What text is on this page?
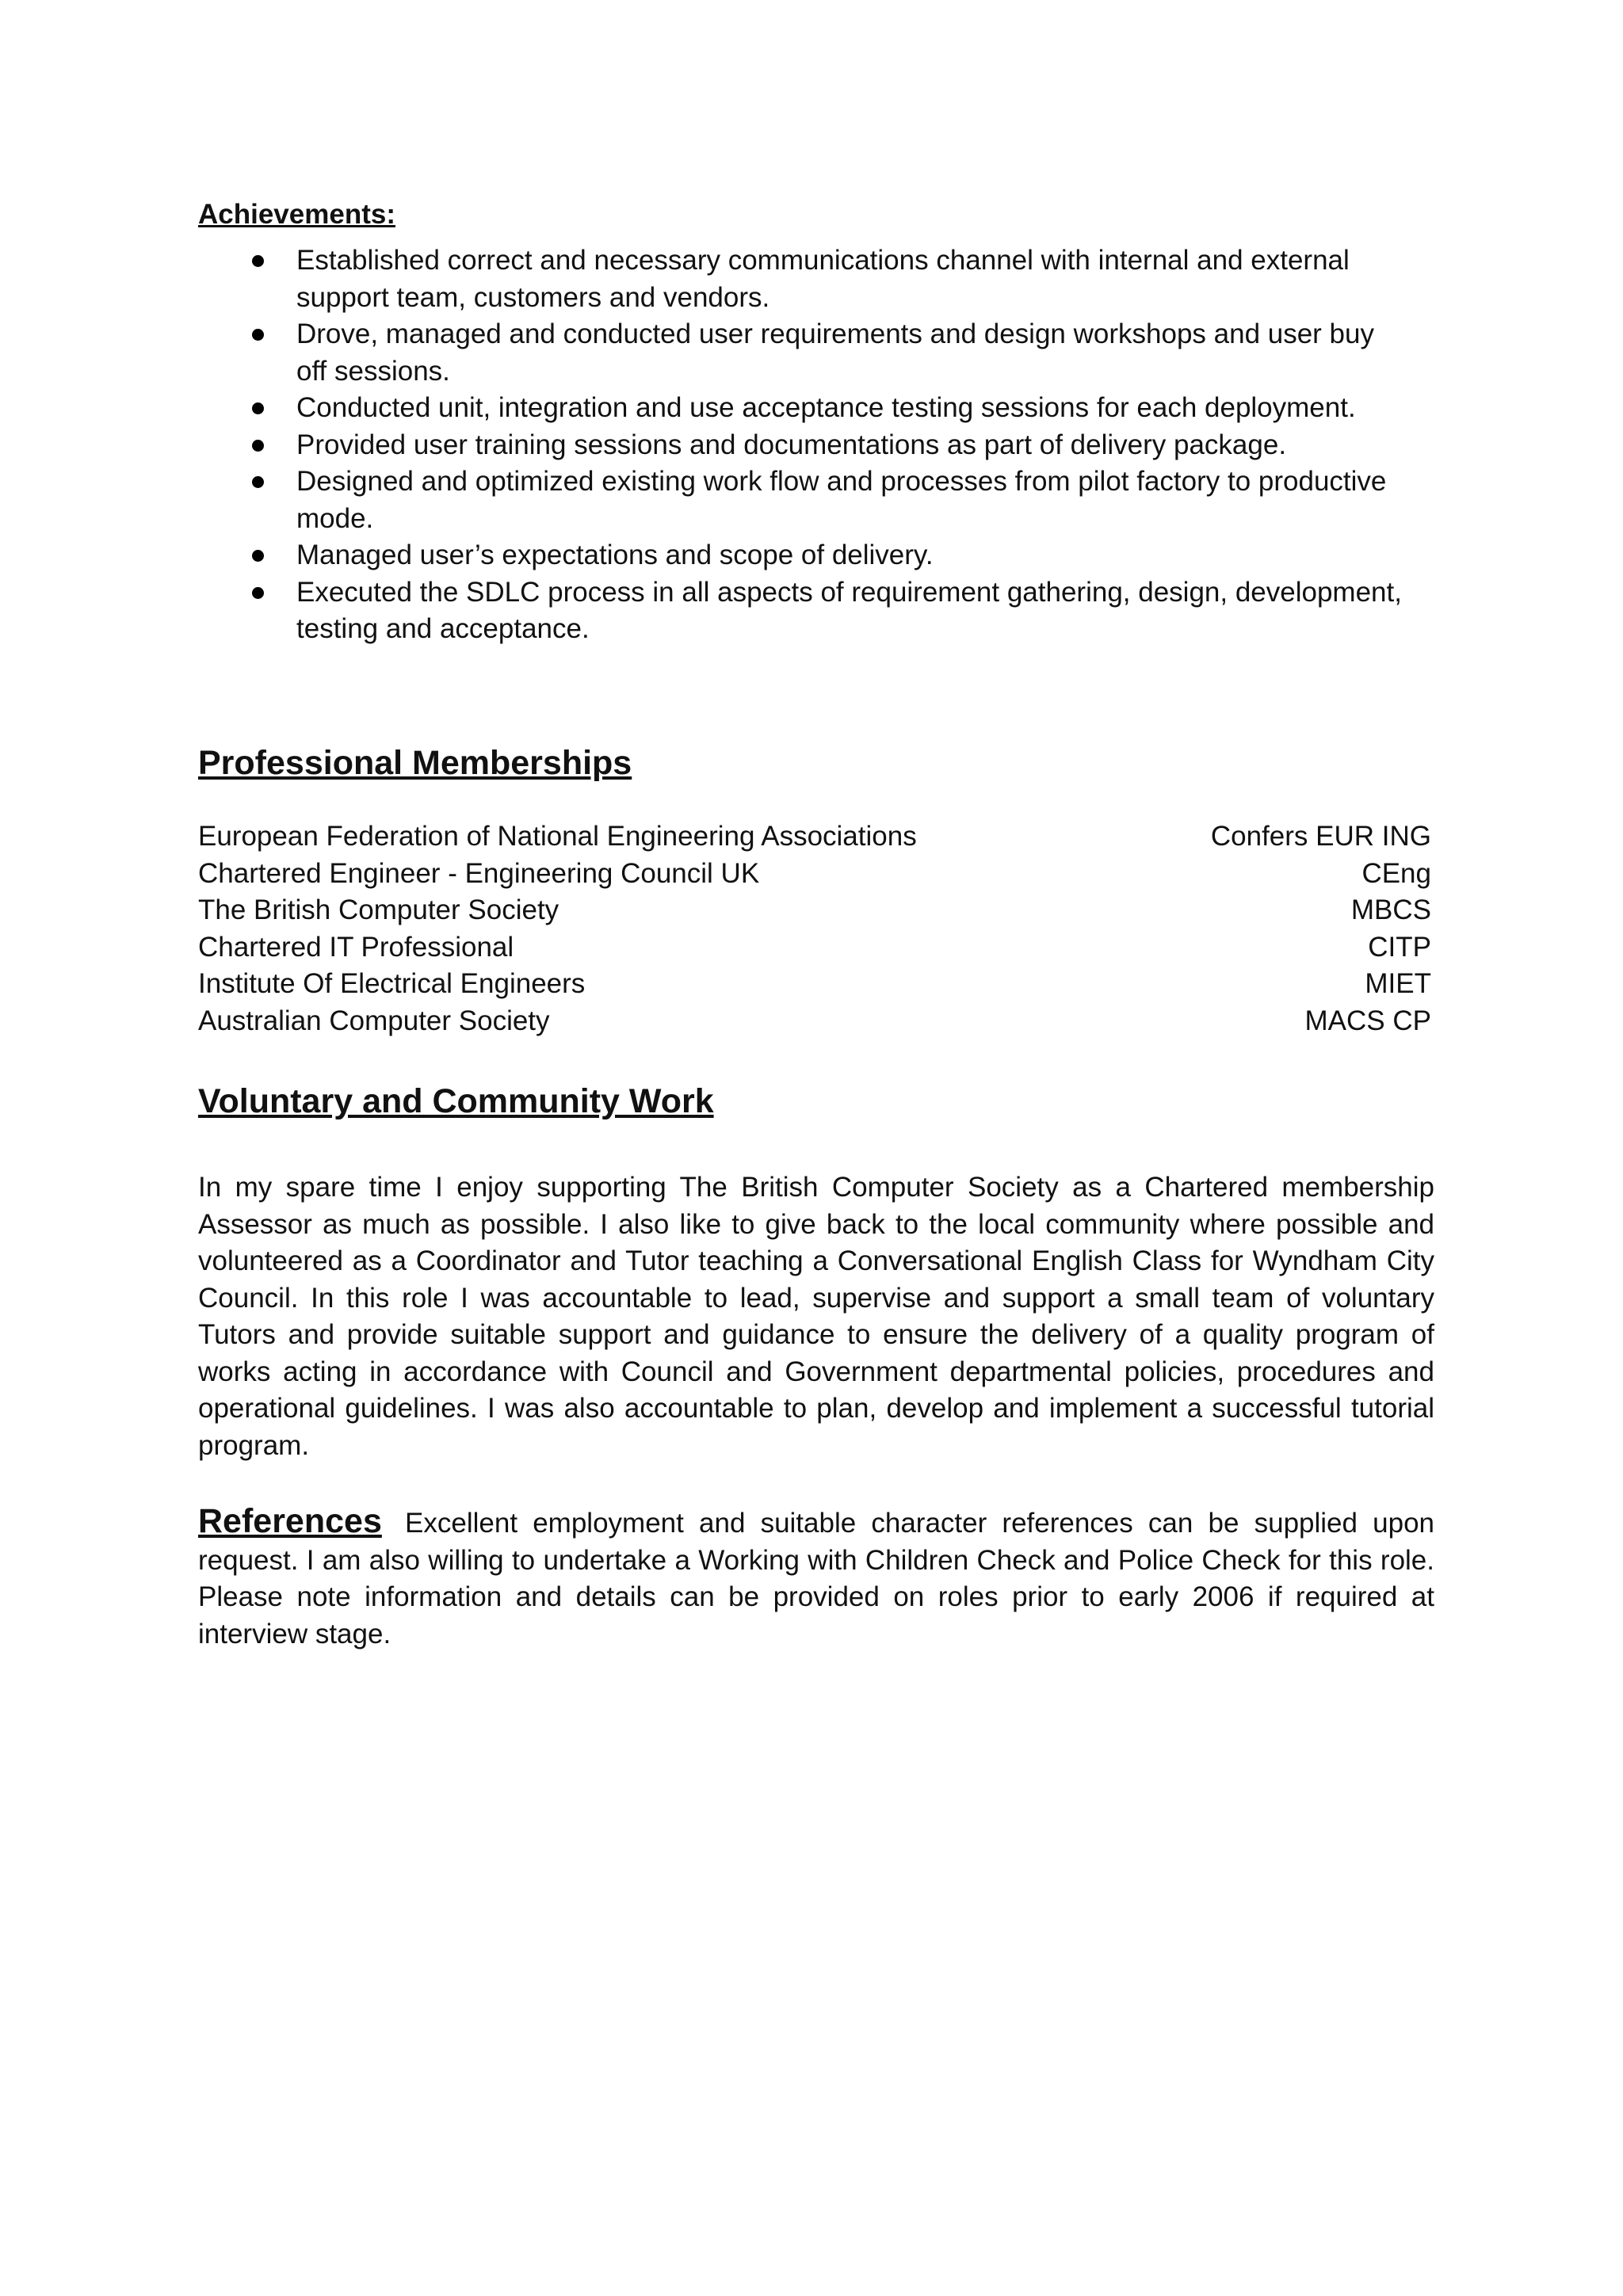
Achievements:
Established correct and necessary communications channel with internal and external support team, customers and vendors.
Drove, managed and conducted user requirements and design workshops and user buy off sessions.
Conducted unit, integration and use acceptance testing sessions for each deployment.
Provided user training sessions and documentations as part of delivery package.
Designed and optimized existing work flow and processes from pilot factory to productive mode.
Managed user’s expectations and scope of delivery.
Executed the SDLC process in all aspects of requirement gathering, design, development, testing and acceptance.
Professional Memberships
European Federation of National Engineering Associations	Confers EUR ING
Chartered Engineer - Engineering Council UK	CEng
The British Computer Society	MBCS
Chartered IT Professional	CITP
Institute Of Electrical Engineers	MIET
Australian Computer Society	MACS CP
Voluntary and Community Work

In my spare time I enjoy supporting The British Computer Society as a Chartered membership Assessor as much as possible. I also like to give back to the local community where possible and volunteered as a Coordinator and Tutor teaching a Conversational English Class for Wyndham City Council. In this role I was accountable to lead, supervise and support a small team of voluntary Tutors and provide suitable support and guidance to ensure the delivery of a quality program of works acting in accordance with Council and Government departmental policies, procedures and operational guidelines. I was also accountable to plan, develop and implement a successful tutorial program.

References Excellent employment and suitable character references can be supplied upon request. I am also willing to undertake a Working with Children Check and Police Check for this role. Please note information and details can be provided on roles prior to early 2006 if required at interview stage.
